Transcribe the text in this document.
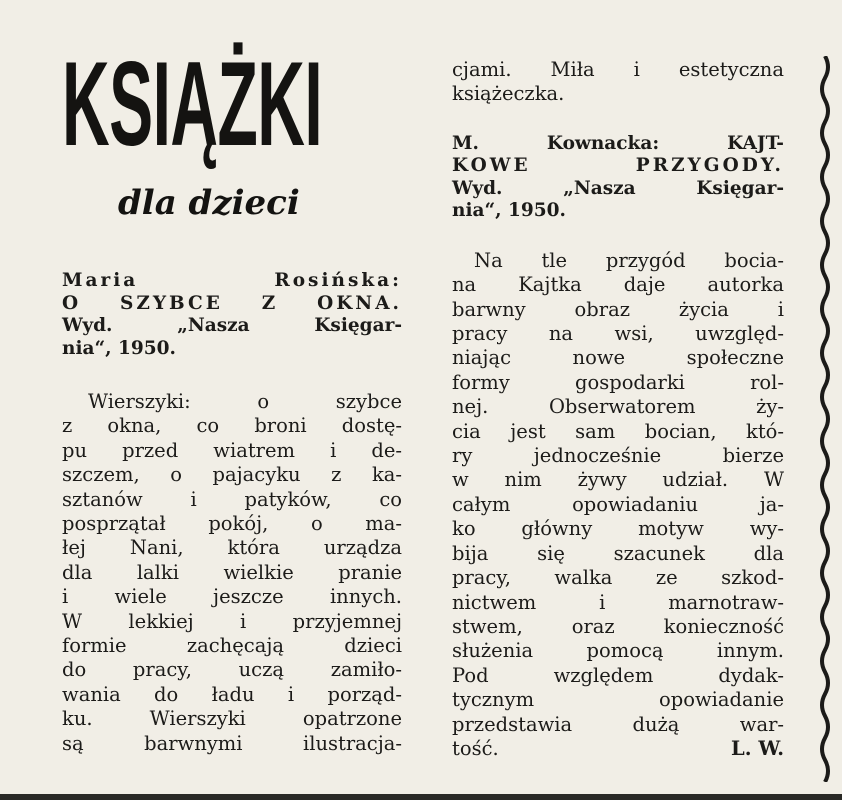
KSIĄŻKI
dla dzieci

Maria Rosińska:

O SZYBCE Z OKNA.

Wyd. „Nasza Księgar-

nia“, 1950.

Wierszyki: o szybce

z okna, co broni dostę-

pu przed wiatrem i de-

szczem, o pajacyku z ka-

sztanów i patyków, co

posprzątał pokój, o ma-

łej Nani, która urządza

dla lalki wielkie pranie

i wiele jeszcze innych.

W lekkiej i przyjemnej

formie zachęcają dzieci

do pracy, uczą zamiło-

wania do ładu i porząd-

ku. Wierszyki opatrzone

są barwnymi ilustracja-

cjami. Miła i estetyczna

książeczka.

M. Kownacka: KAJT-

KOWE PRZYGODY.

Wyd. „Nasza Księgar-

nia“, 1950.

Na tle przygód bocia-

na Kajtka daje autorka

barwny obraz życia i

pracy na wsi, uwzględ-

niając nowe społeczne

formy gospodarki rol-

nej. Obserwatorem ży-

cia jest sam bocian, któ-

ry jednocześnie bierze

w nim żywy udział. W

całym opowiadaniu ja-

ko główny motyw wy-

bija się szacunek dla

pracy, walka ze szkod-

nictwem i marnotraw-

stwem, oraz konieczność

służenia pomocą innym.

Pod względem dydak-

tycznym opowiadanie

przedstawia dużą war-

tość.	L. W.
